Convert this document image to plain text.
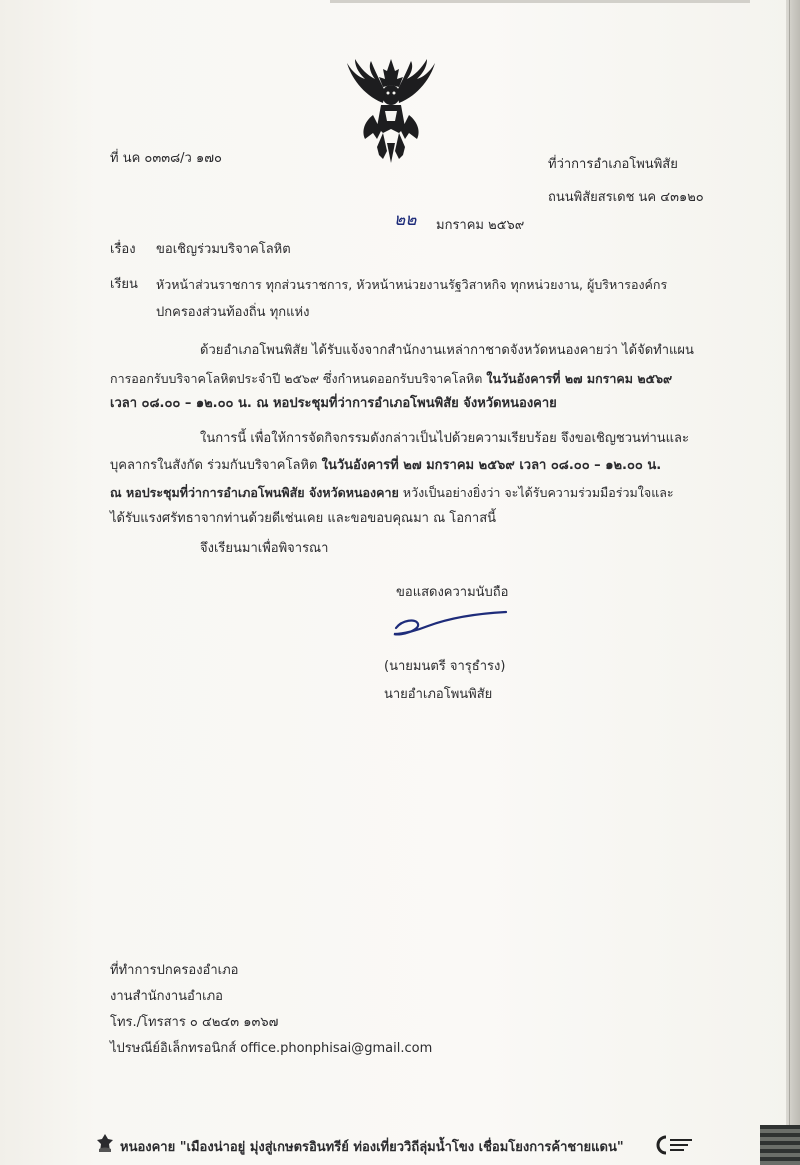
ที่ นค ๐๓๓๘/ว ๑๗๐	ที่ว่าการอำเภอโพนพิสัย
ถนนพิสัยสรเดช นค ๔๓๑๒๐
๒๒ มกราคม ๒๕๖๙
เรื่อง ขอเชิญร่วมบริจาคโลหิต
เรียน หัวหน้าส่วนราชการ ทุกส่วนราชการ, หัวหน้าหน่วยงานรัฐวิสาหกิจ ทุกหน่วยงาน, ผู้บริหารองค์กร
ปกครองส่วนท้องถิ่น ทุกแห่ง
ด้วยอำเภอโพนพิสัย ได้รับแจ้งจากสำนักงานเหล่ากาชาดจังหวัดหนองคายว่า ได้จัดทำแผน
การออกรับบริจาคโลหิตประจำปี ๒๕๖๙ ซึ่งกำหนดออกรับบริจาคโลหิต ในวันอังคารที่ ๒๗ มกราคม ๒๕๖๙
เวลา ๐๘.๐๐ – ๑๒.๐๐ น. ณ หอประชุมที่ว่าการอำเภอโพนพิสัย จังหวัดหนองคาย
ในการนี้ เพื่อให้การจัดกิจกรรมดังกล่าวเป็นไปด้วยความเรียบร้อย จึงขอเชิญชวนท่านและ
บุคลากรในสังกัด ร่วมกันบริจาคโลหิต ในวันอังคารที่ ๒๗ มกราคม ๒๕๖๙ เวลา ๐๘.๐๐ – ๑๒.๐๐ น.
ณ หอประชุมที่ว่าการอำเภอโพนพิสัย จังหวัดหนองคาย หวังเป็นอย่างยิ่งว่า จะได้รับความร่วมมือร่วมใจและ
ได้รับแรงศรัทธาจากท่านด้วยดีเช่นเคย และขอขอบคุณมา ณ โอกาสนี้
จึงเรียนมาเพื่อพิจารณา
ขอแสดงความนับถือ
(นายมนตรี จารุธำรง)
นายอำเภอโพนพิสัย
ที่ทำการปกครองอำเภอ
งานสำนักงานอำเภอ
โทร./โทรสาร ๐ ๔๒๔๓ ๑๓๖๗
ไปรษณีย์อิเล็กทรอนิกส์ office.phonphisai@gmail.com
หนองคาย "เมืองน่าอยู่ มุ่งสู่เกษตรอินทรีย์ ท่องเที่ยววิถีลุ่มน้ำโขง เชื่อมโยงการค้าชายแดน"
